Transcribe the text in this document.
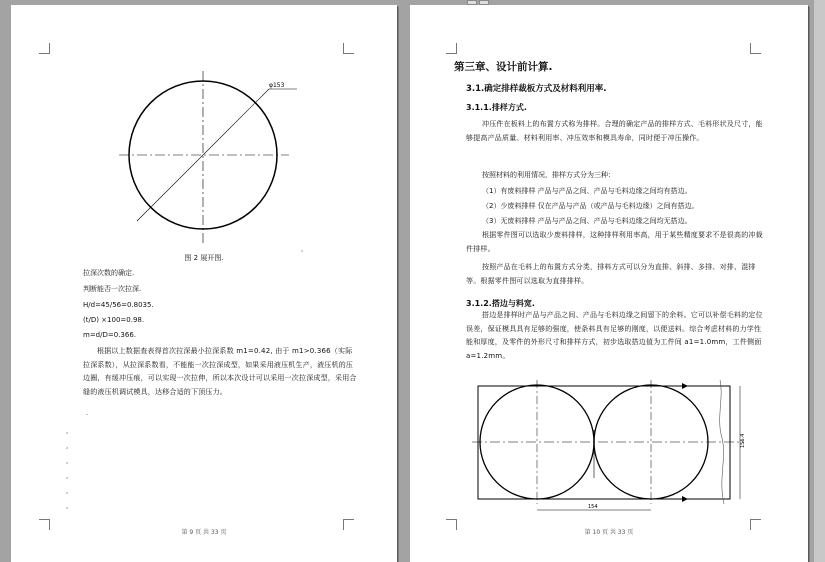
φ153
图 2 展开图.
,
拉深次数的确定.
判断能否一次拉深.
H/d=45/56=0.8035.
(t/D) ×100=0.98.
m=d/D=0.366.
根据以上数据查表得首次拉深最小拉深系数 m1=0.42, 由于 m1>0.366（实际拉深系数），从拉深系数看，不能能一次拉深成型，如果采用液压机生产，液压机的压边圈，有缓冲压痕，可以实现一次拉伸，所以本次设计可以采用一次拉深成型，采用合缝的液压机调试模具，达移合适的下顶压力。
.
,
,
,
,
,
,
第 9 页 共 33 页
第三章、设计前计算.
3.1.确定排样裁板方式及材料利用率.
3.1.1.排样方式.
冲压件在板料上的布置方式称为排样。合理的确定产品的排样方式、毛料形状及尺寸，能够提高产品质量、材料利用率、冲压效率和模具寿命，同时便于冲压操作。
按照材料的利用情况，排样方式分为三种：
（1）有废料排样 产品与产品之间、产品与毛料边缘之间均有搭边。
（2）少废料排样 仅在产品与产品（或产品与毛料边缘）之间有搭边。
（3）无废料排样 产品与产品之间、产品与毛料边缘之间均无搭边。
根据零件图可以选取少废料排样，这种排样利用率高，用于某些精度要求不是很高的冲裁件排样。
按照产品在毛料上的布置方式分类，排料方式可以分为直排、斜排、多排、对排、混排等。根据零件图可以选取为直排排样。
3.1.2.搭边与料宽.
搭边是排样时产品与产品之间、产品与毛料边缘之间留下的余料。它可以补偿毛料的定位误差，保证模具具有足够的强度，使条料具有足够的刚度，以便送料。综合考虑材料的力学性能和厚度，及零件的外形尺寸和排样方式，初步选取搭边值为工件间 a1=1.0mm，工件侧面 a=1.2mm。
154
156.4
第 10 页 共 33 页
